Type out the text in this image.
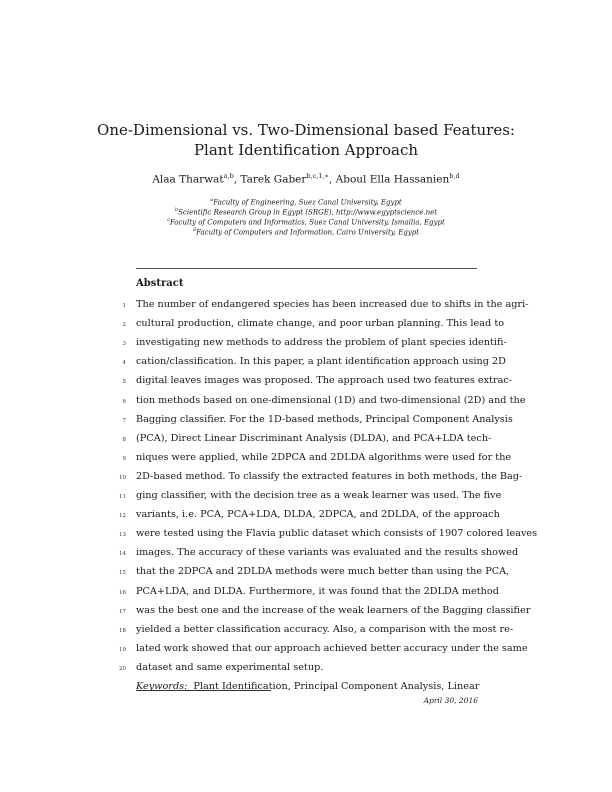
One-Dimensional vs. Two-Dimensional based Features:
Plant Identification Approach
Alaa Tharwat$^{a,b}$, Tarek Gaber$^{b,c,1,∗}$, Aboul Ella Hassanien$^{b,d}$
$^a$Faculty of Engineering, Suez Canal University, Egypt
$^b$Scientific Research Group in Egypt (SRGE), http://www.egyptscience.net
$^c$Faculty of Computers and Informatics, Suez Canal University, Ismailia, Egypt
$^d$Faculty of Computers and Information, Cairo University, Egypt
Abstract
1 The number of endangered species has been increased due to shifts in the agri-
2 cultural production, climate change, and poor urban planning. This lead to
3 investigating new methods to address the problem of plant species identifi-
4 cation/classification. In this paper, a plant identification approach using 2D
5 digital leaves images was proposed. The approach used two features extrac-
6 tion methods based on one-dimensional (1D) and two-dimensional (2D) and the
7 Bagging classifier. For the 1D-based methods, Principal Component Analysis
8 (PCA), Direct Linear Discriminant Analysis (DLDA), and PCA+LDA tech-
9 niques were applied, while 2DPCA and 2DLDA algorithms were used for the
10 2D-based method. To classify the extracted features in both methods, the Bag-
11 ging classifier, with the decision tree as a weak learner was used. The five
12 variants, i.e. PCA, PCA+LDA, DLDA, 2DPCA, and 2DLDA, of the approach
13 were tested using the Flavia public dataset which consists of 1907 colored leaves
14 images. The accuracy of these variants was evaluated and the results showed
15 that the 2DPCA and 2DLDA methods were much better than using the PCA,
16 PCA+LDA, and DLDA. Furthermore, it was found that the 2DLDA method
17 was the best one and the increase of the weak learners of the Bagging classifier
18 yielded a better classification accuracy. Also, a comparison with the most re-
19 lated work showed that our approach achieved better accuracy under the same
20 dataset and same experimental setup.
Keywords: Plant Identification, Principal Component Analysis, Linear
April 30, 2016
